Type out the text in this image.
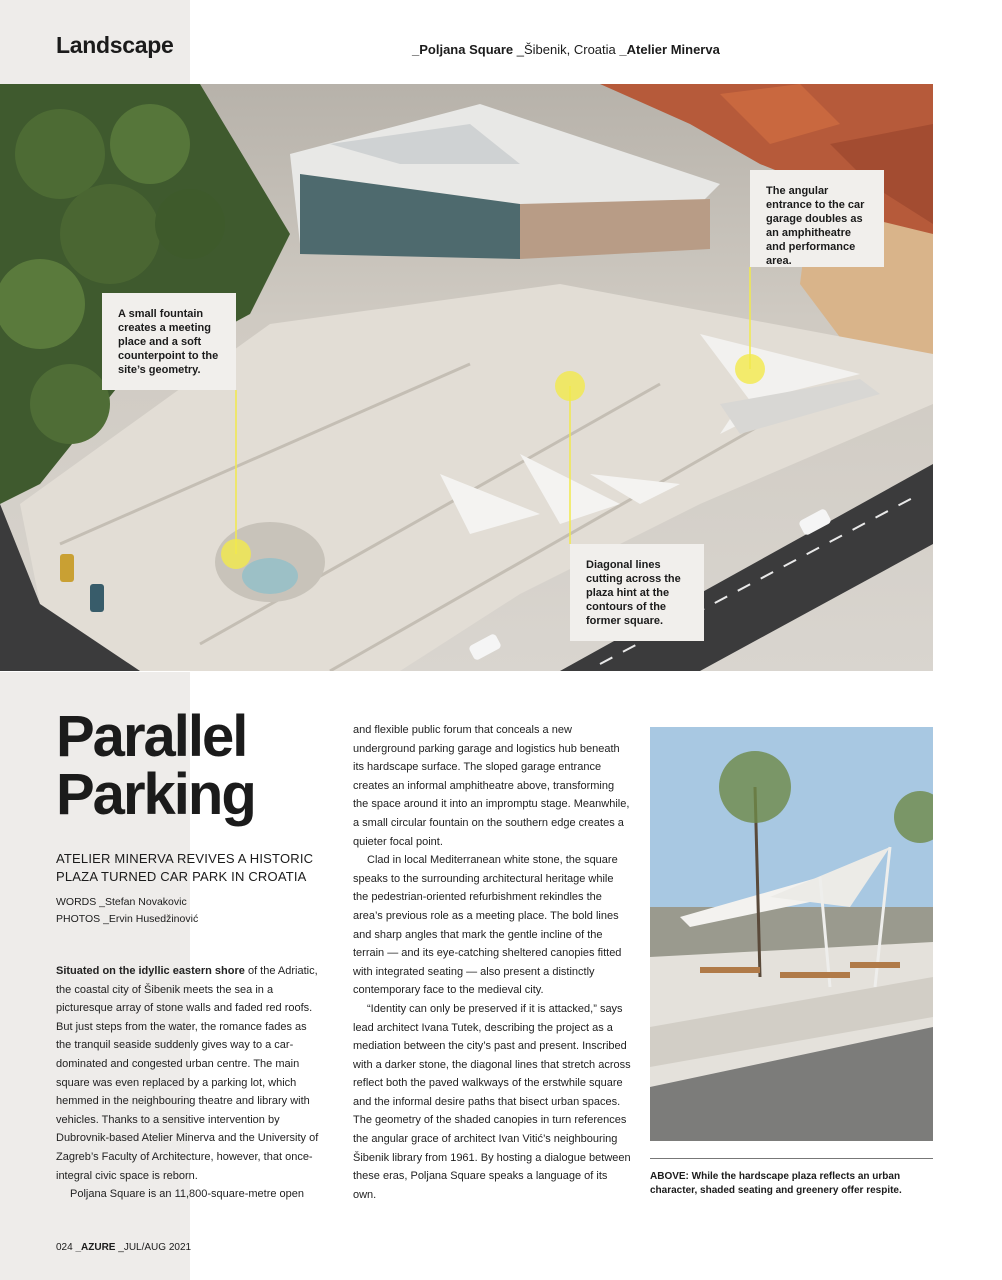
Landscape	_Poljana Square _Šibenik, Croatia _Atelier Minerva
A small fountain creates a meeting place and a soft counterpoint to the site’s geometry.
The angular entrance to the car garage doubles as an amphitheatre and performance area.
Diagonal lines cutting across the plaza hint at the contours of the former square.
Parallel
Parking
ATELIER MINERVA REVIVES A HISTORIC PLAZA TURNED CAR PARK IN CROATIA
WORDS _Stefan Novakovic
PHOTOS _Ervin Husedžinović

Situated on the idyllic eastern shore of the Adriatic, the coastal city of Šibenik meets the sea in a picturesque array of stone walls and faded red roofs. But just steps from the water, the romance fades as the tranquil seaside suddenly gives way to a car-dominated and congested urban centre. The main square was even replaced by a parking lot, which hemmed in the neighbouring theatre and library with vehicles. Thanks to a sensitive intervention by Dubrovnik-based Atelier Minerva and the University of Zagreb’s Faculty of Architecture, however, that once-integral civic space is reborn.

Poljana Square is an 11,800-square-metre open

and flexible public forum that conceals a new underground parking garage and logistics hub beneath its hardscape surface. The sloped garage entrance creates an informal amphitheatre above, transforming the space around it into an impromptu stage. Meanwhile, a small circular fountain on the southern edge creates a quieter focal point.

Clad in local Mediterranean white stone, the square speaks to the surrounding architectural heritage while the pedestrian-oriented refurbishment rekindles the area’s previous role as a meeting place. The bold lines and sharp angles that mark the gentle incline of the terrain — and its eye-catching sheltered canopies fitted with integrated seating — also present a distinctly contemporary face to the medieval city.

“Identity can only be preserved if it is attacked,” says lead architect Ivana Tutek, describing the project as a mediation between the city’s past and present. Inscribed with a darker stone, the diagonal lines that stretch across reflect both the paved walkways of the erstwhile square and the informal desire paths that bisect urban spaces. The geometry of the shaded canopies in turn references the angular grace of architect Ivan Vitić’s neighbouring Šibenik library from 1961. By hosting a dialogue between these eras, Poljana Square speaks a language of its own.

ABOVE: While the hardscape plaza reflects an urban character, shaded seating and greenery offer respite.
024 _AZURE _JUL/AUG 2021
